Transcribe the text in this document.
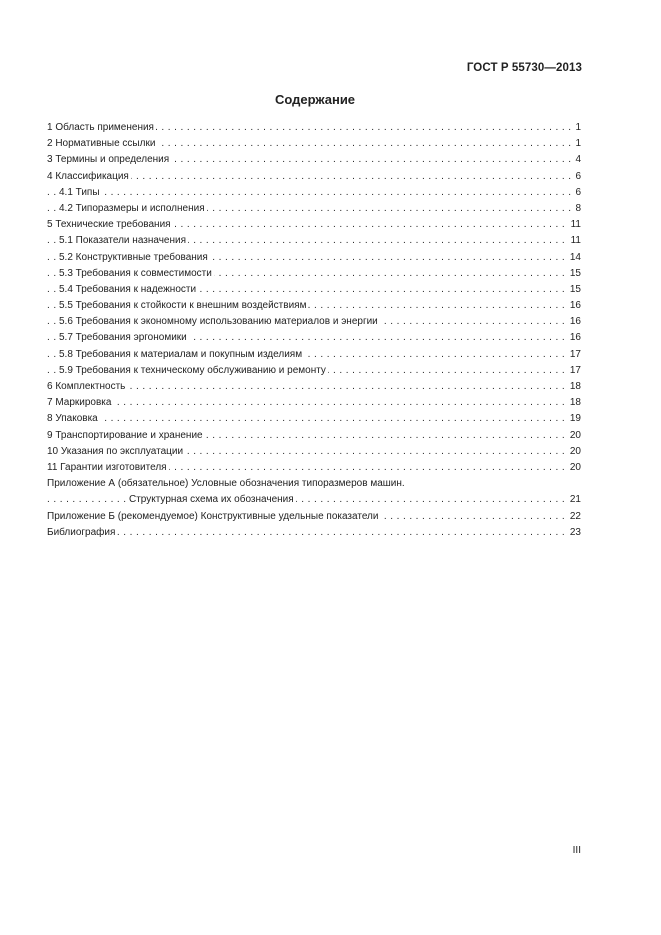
ГОСТ Р 55730—2013
Содержание
1 Область применения	1
. . .
2 Нормативные ссылки	1
. . .
3 Термины и определения	4
. . .
4 Классификация	6
. . .
4.1 Типы	6
. . .
4.2 Типоразмеры и исполнения	8
. . .
5 Технические требования	11
. . .
5.1 Показатели назначения	11
. . .
5.2 Конструктивные требования	14
. . .
5.3 Требования к совместимости	15
. . .
5.4 Требования к надежности	15
. . .
5.5 Требования к стойкости к внешним воздействиям	16
. . .
5.6 Требования к экономному использованию материалов и энергии	16
. . .
5.7 Требования эргономики	16
. . .
5.8 Требования к материалам и покупным изделиям	17
. . .
5.9 Требования к техническому обслуживанию и ремонту	17
. . .
6 Комплектность	18
. . .
7 Маркировка	18
. . .
8 Упаковка	19
. . .
9 Транспортирование и хранение	20
. . .
10 Указания по эксплуатации	20
. . .
11 Гарантии изготовителя	20
. . .
Приложение А (обязательное) Условные обозначения типоразмеров машин.
Структурная схема их обозначения	21
. . .
Приложение Б (рекомендуемое) Конструктивные удельные показатели	22
. . .
Библиография	23
. . .
III
